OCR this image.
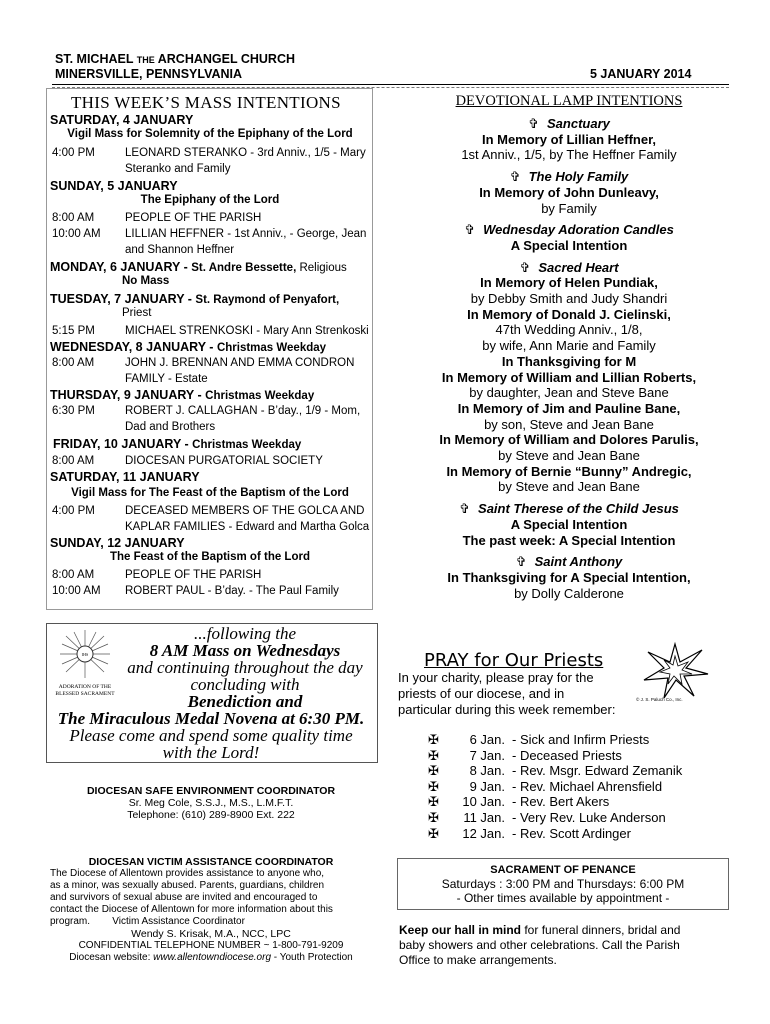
ST. MICHAEL THE ARCHANGEL CHURCH
MINERSVILLE, PENNSYLVANIA	5 JANUARY 2014
THIS WEEK’S MASS INTENTIONS
SATURDAY, 4 JANUARY
Vigil Mass for Solemnity of the Epiphany of the Lord
4:00 PM	LEONARD STERANKO - 3rd Anniv., 1/5 - Mary Steranko and Family
SUNDAY, 5 JANUARY
The Epiphany of the Lord
8:00 AM	PEOPLE OF THE PARISH
10:00 AM LILLIAN HEFFNER - 1st Anniv., - George, Jean and Shannon Heffner
MONDAY, 6 JANUARY - St. Andre Bessette, Religious
No Mass
TUESDAY, 7 JANUARY - St. Raymond of Penyafort,
Priest
5:15 PM	MICHAEL STRENKOSKI - Mary Ann Strenkoski
WEDNESDAY, 8 JANUARY - Christmas Weekday
8:00 AM	JOHN J. BRENNAN AND EMMA CONDRON FAMILY - Estate
THURSDAY, 9 JANUARY - Christmas Weekday
6:30 PM	ROBERT J. CALLAGHAN - B’day., 1/9 - Mom, Dad and Brothers
FRIDAY, 10 JANUARY - Christmas Weekday
8:00 AM	DIOCESAN PURGATORIAL SOCIETY
SATURDAY, 11 JANUARY
Vigil Mass for The Feast of the Baptism of the Lord
4:00 PM	DECEASED MEMBERS OF THE GOLCA AND KAPLAR FAMILIES - Edward and Martha Golca
SUNDAY, 12 JANUARY
The Feast of the Baptism of the Lord
8:00 AM	PEOPLE OF THE PARISH
10:00 AM ROBERT PAUL - B’day. - The Paul Family
DEVOTIONAL LAMP INTENTIONS
✞ Sanctuary
In Memory of Lillian Heffner,
1st Anniv., 1/5, by The Heffner Family
✞ The Holy Family
In Memory of John Dunleavy,
by Family
✞ Wednesday Adoration Candles
A Special Intention
✞ Sacred Heart
In Memory of Helen Pundiak,
by Debby Smith and Judy Shandri
In Memory of Donald J. Cielinski,
47th Wedding Anniv., 1/8,
by wife, Ann Marie and Family
In Thanksgiving for M
In Memory of William and Lillian Roberts,
by daughter, Jean and Steve Bane
In Memory of Jim and Pauline Bane,
by son, Steve and Jean Bane
In Memory of William and Dolores Parulis,
by Steve and Jean Bane
In Memory of Bernie “Bunny” Andregic,
by Steve and Jean Bane
✞ Saint Therese of the Child Jesus
A Special Intention
The past week: A Special Intention
✞ Saint Anthony
In Thanksgiving for A Special Intention,
by Dolly Calderone
IHS
ADORATION OF THE
BLESSED SACRAMENT
...following the
8 AM Mass on Wednesdays
and continuing throughout the day
concluding with
Benediction and
The Miraculous Medal Novena at 6:30 PM.
Please come and spend some quality time
with the Lord!
DIOCESAN SAFE ENVIRONMENT COORDINATOR
Sr. Meg Cole, S.S.J., M.S., L.M.F.T.
Telephone: (610) 289-8900 Ext. 222
DIOCESAN VICTIM ASSISTANCE COORDINATOR
The Diocese of Allentown provides assistance to anyone who,
as a minor, was sexually abused. Parents, guardians, children
and survivors of sexual abuse are invited and encouraged to
contact the Diocese of Allentown for more information about this
program.        Victim Assistance Coordinator
Wendy S. Krisak, M.A., NCC, LPC
CONFIDENTIAL TELEPHONE NUMBER ~ 1-800-791-9209
Diocesan website: www.allentowndiocese.org - Youth Protection
PRAY for Our Priests
In your charity, please pray for the
priests of our diocese, and in
particular during this week remember:
© J. S. Paluch Co., Inc.
✠	6 Jan. - Sick and Infirm Priests
✠	7 Jan. - Deceased Priests
✠	8 Jan. - Rev. Msgr. Edward Zemanik
✠	9 Jan. - Rev. Michael Ahrensfield
✠	10 Jan. - Rev. Bert Akers
✠	11 Jan. - Very Rev. Luke Anderson
✠	12 Jan. - Rev. Scott Ardinger
SACRAMENT OF PENANCE
Saturdays : 3:00 PM and Thursdays: 6:00 PM
- Other times available by appointment -
Keep our hall in mind for funeral dinners, bridal and
baby showers and other celebrations. Call the Parish
Office to make arrangements.
